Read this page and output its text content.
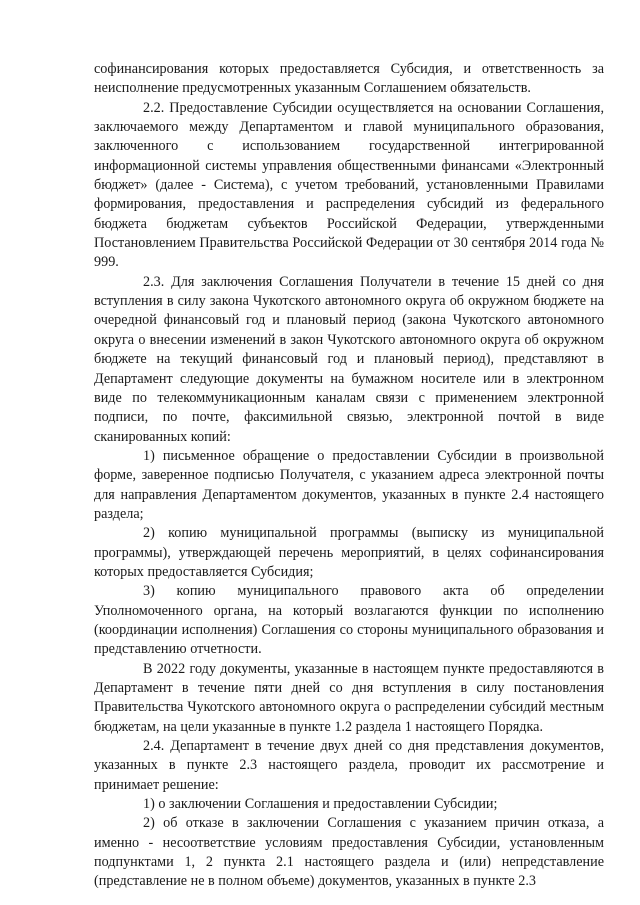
софинансирования которых предоставляется Субсидия, и ответственность за неисполнение предусмотренных указанным Соглашением обязательств.

2.2. Предоставление Субсидии осуществляется на основании Соглашения, заключаемого между Департаментом и главой муниципального образования, заключенного с использованием государственной интегрированной информационной системы управления общественными финансами «Электронный бюджет» (далее - Система), с учетом требований, установленными Правилами формирования, предоставления и распределения субсидий из федерального бюджета бюджетам субъектов Российской Федерации, утвержденными Постановлением Правительства Российской Федерации от 30 сентября 2014 года № 999.

2.3. Для заключения Соглашения Получатели в течение 15 дней со дня вступления в силу закона Чукотского автономного округа об окружном бюджете на очередной финансовый год и плановый период (закона Чукотского автономного округа о внесении изменений в закон Чукотского автономного округа об окружном бюджете на текущий финансовый год и плановый период), представляют в Департамент следующие документы на бумажном носителе или в электронном виде по телекоммуникационным каналам связи с применением электронной подписи, по почте, факсимильной связью, электронной почтой в виде сканированных копий:

1) письменное обращение о предоставлении Субсидии в произвольной форме, заверенное подписью Получателя, с указанием адреса электронной почты для направления Департаментом документов, указанных в пункте 2.4 настоящего раздела;

2) копию муниципальной программы (выписку из муниципальной программы), утверждающей перечень мероприятий, в целях софинансирования которых предоставляется Субсидия;

3) копию муниципального правового акта об определении Уполномоченного органа, на который возлагаются функции по исполнению (координации исполнения) Соглашения со стороны муниципального образования и представлению отчетности.

В 2022 году документы, указанные в настоящем пункте предоставляются в Департамент в течение пяти дней со дня вступления в силу постановления Правительства Чукотского автономного округа о распределении субсидий местным бюджетам, на цели указанные в пункте 1.2 раздела 1 настоящего Порядка.

2.4. Департамент в течение двух дней со дня представления документов, указанных в пункте 2.3 настоящего раздела, проводит их рассмотрение и принимает решение:

1) о заключении Соглашения и предоставлении Субсидии;

2) об отказе в заключении Соглашения с указанием причин отказа, а именно - несоответствие условиям предоставления Субсидии, установленным подпунктами 1, 2 пункта 2.1 настоящего раздела и (или) непредставление (представление не в полном объеме) документов, указанных в пункте 2.3
